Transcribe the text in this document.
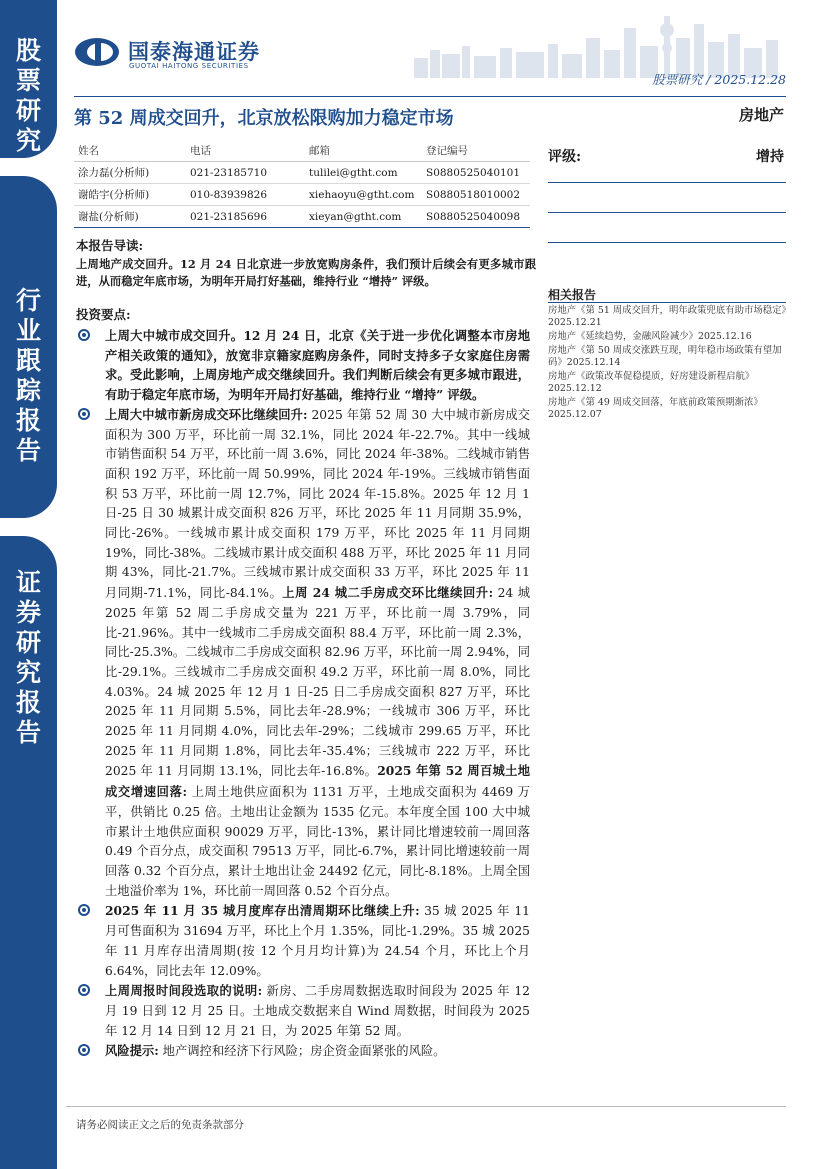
股票研究
行业跟踪报告
证券研究报告
国泰海通证券
GUOTAI HAITONG SECURITIES
股票研究 / 2025.12.28
第 52 周成交回升，北京放松限购加力稳定市场	房地产
姓名	电话	邮箱	登记编号
涂力磊(分析师)	021-23185710	tulilei@gtht.com	S0880525040101
谢皓宇(分析师)	010-83939826	xiehaoyu@gtht.com	S0880518010002
谢盐(分析师)	021-23185696	xieyan@gtht.com	S0880525040098
评级:	增持
相关报告

房地产《第 51 周成交回升，明年政策兜底有助市场稳定》2025.12.21

房地产《延续趋势，金融风险减少》2025.12.16

房地产《第 50 周成交涨跌互现，明年稳市场政策有望加码》2025.12.14

房地产《政策改革促稳提质，好房建设新程启航》2025.12.12

房地产《第 49 周成交回落，年底前政策预期渐浓》2025.12.07

本报告导读:
上周地产成交回升。12 月 24 日北京进一步放宽购房条件，我们预计后续会有更多城市跟进，从而稳定年底市场，为明年开局打好基础，维持行业 “增持” 评级。
投资要点:
上周大中城市成交回升。12 月 24 日，北京《关于进一步优化调整本市房地产相关政策的通知》，放宽非京籍家庭购房条件，同时支持多子女家庭住房需求。受此影响，上周房地产成交继续回升。我们判断后续会有更多城市跟进，有助于稳定年底市场，为明年开局打好基础，维持行业 “增持” 评级。
上周大中城市新房成交环比继续回升: 2025 年第 52 周 30 大中城市新房成交面积为 300 万平，环比前一周 32.1%，同比 2024 年-22.7%。其中一线城市销售面积 54 万平，环比前一周 3.6%，同比 2024 年-38%。二线城市销售面积 192 万平，环比前一周 50.99%，同比 2024 年-19%。三线城市销售面积 53 万平，环比前一周 12.7%，同比 2024 年-15.8%。2025 年 12 月 1 日-25 日 30 城累计成交面积 826 万平，环比 2025 年 11 月同期 35.9%，同比-26%。一线城市累计成交面积 179 万平，环比 2025 年 11 月同期 19%，同比-38%。二线城市累计成交面积 488 万平，环比 2025 年 11 月同期 43%，同比-21.7%。三线城市累计成交面积 33 万平，环比 2025 年 11 月同期-71.1%，同比-84.1%。上周 24 城二手房成交环比继续回升: 24 城 2025 年第 52 周二手房成交量为 221 万平，环比前一周 3.79%，同比-21.96%。其中一线城市二手房成交面积 88.4 万平，环比前一周 2.3%，同比-25.3%。二线城市二手房成交面积 82.96 万平，环比前一周 2.94%，同比-29.1%。三线城市二手房成交面积 49.2 万平，环比前一周 8.0%，同比 4.03%。24 城 2025 年 12 月 1 日-25 日二手房成交面积 827 万平，环比 2025 年 11 月同期 5.5%，同比去年-28.9%；一线城市 306 万平，环比 2025 年 11 月同期 4.0%，同比去年-29%；二线城市 299.65 万平，环比 2025 年 11 月同期 1.8%，同比去年-35.4%；三线城市 222 万平，环比 2025 年 11 月同期 13.1%，同比去年-16.8%。2025 年第 52 周百城土地成交增速回落: 上周土地供应面积为 1131 万平，土地成交面积为 4469 万平，供销比 0.25 倍。土地出让金额为 1535 亿元。本年度全国 100 大中城市累计土地供应面积 90029 万平，同比-13%，累计同比增速较前一周回落 0.49 个百分点，成交面积 79513 万平，同比-6.7%，累计同比增速较前一周回落 0.32 个百分点，累计土地出让金 24492 亿元，同比-8.18%。上周全国土地溢价率为 1%，环比前一周回落 0.52 个百分点。
2025 年 11 月 35 城月度库存出清周期环比继续上升: 35 城 2025 年 11 月可售面积为 31694 万平，环比上个月 1.35%，同比-1.29%。35 城 2025 年 11 月库存出清周期(按 12 个月月均计算)为 24.54 个月，环比上个月 6.64%，同比去年 12.09%。
上周周报时间段选取的说明: 新房、二手房周数据选取时间段为 2025 年 12 月 19 日到 12 月 25 日。土地成交数据来自 Wind 周数据，时间段为 2025 年 12 月 14 日到 12 月 21 日，为 2025 年第 52 周。
风险提示: 地产调控和经济下行风险；房企资金面紧张的风险。
请务必阅读正文之后的免责条款部分
